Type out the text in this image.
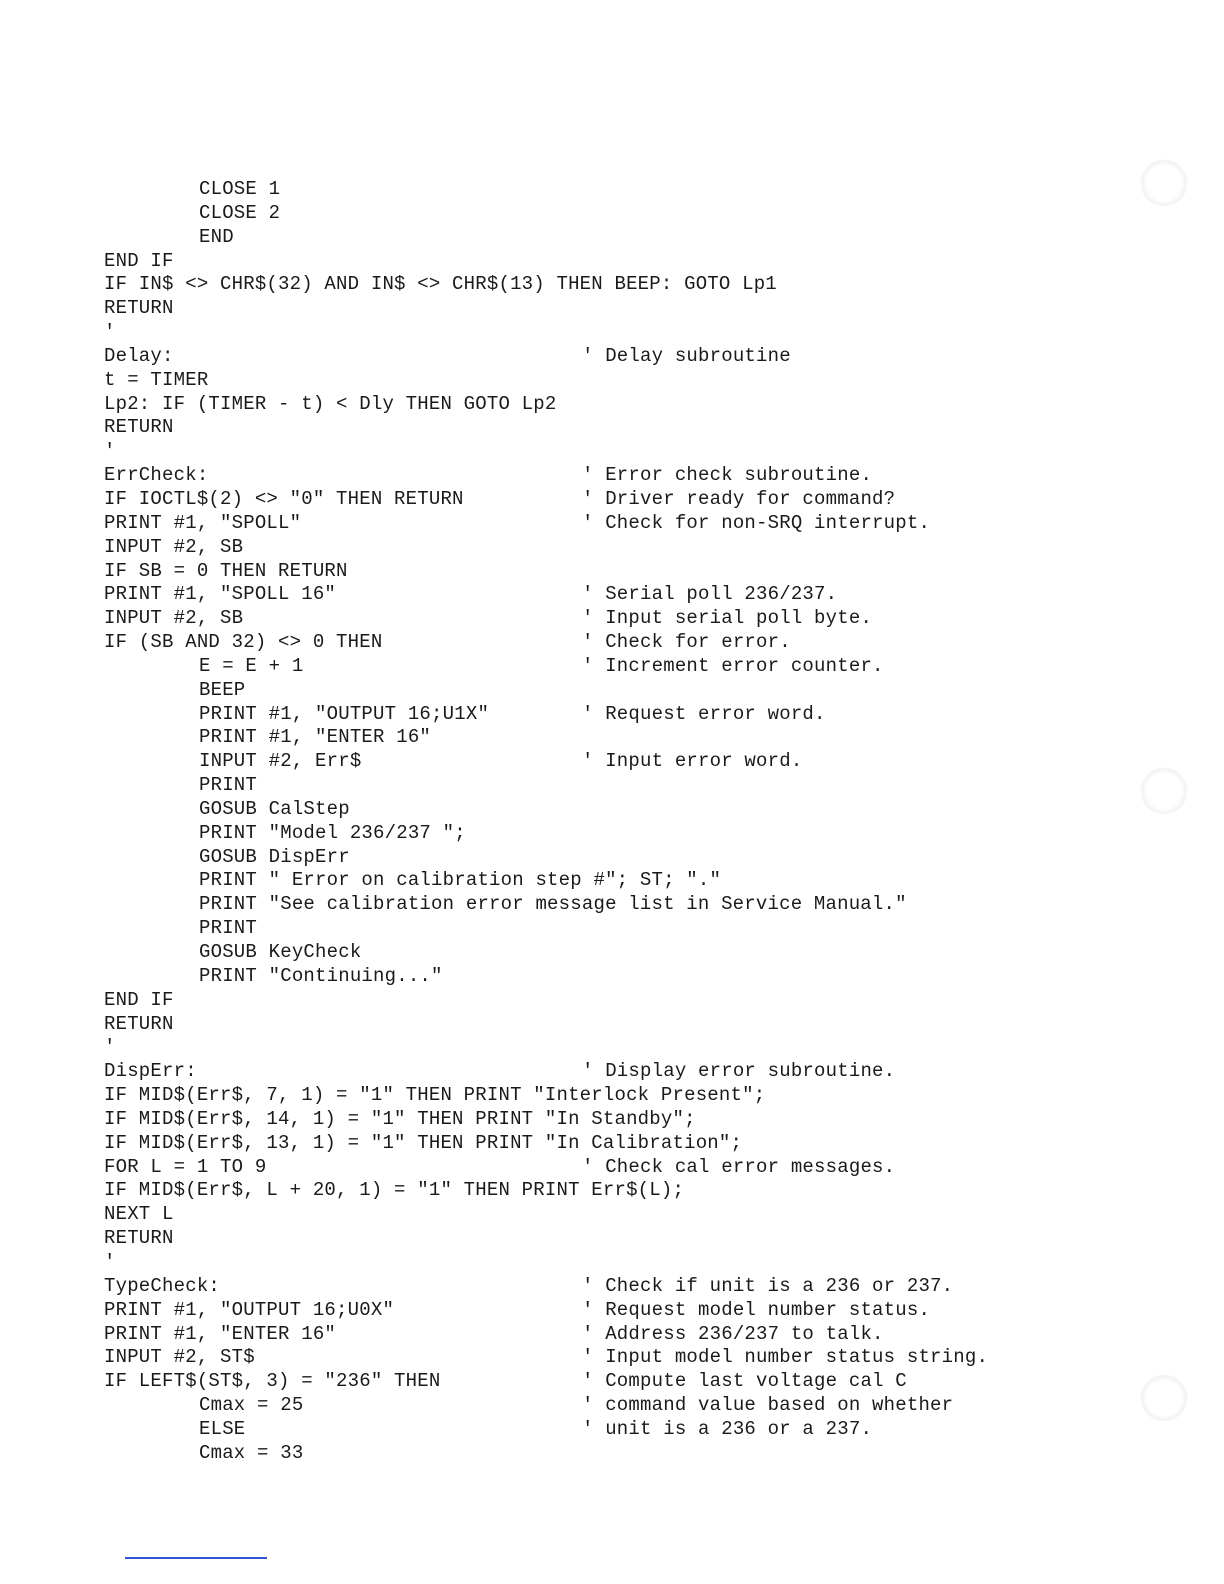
CLOSE 1
CLOSE 2
END
END IF
IF IN$ <> CHR$(32) AND IN$ <> CHR$(13) THEN BEEP: GOTO Lp1
RETURN
'
Delay:	' Delay subroutine
t = TIMER
Lp2: IF (TIMER - t) < Dly THEN GOTO Lp2
RETURN
'
ErrCheck:	' Error check subroutine.
IF IOCTL$(2) <> "0" THEN RETURN	' Driver ready for command?
PRINT #1, "SPOLL"	' Check for non-SRQ interrupt.
INPUT #2, SB
IF SB = 0 THEN RETURN
PRINT #1, "SPOLL 16"	' Serial poll 236/237.
INPUT #2, SB	' Input serial poll byte.
IF (SB AND 32) <> 0 THEN	' Check for error.
E = E + 1	' Increment error counter.
BEEP
PRINT #1, "OUTPUT 16;U1X"	' Request error word.
PRINT #1, "ENTER 16"
INPUT #2, Err$	' Input error word.
PRINT
GOSUB CalStep
PRINT "Model 236/237 ";
GOSUB DispErr
PRINT " Error on calibration step #"; ST; "."
PRINT "See calibration error message list in Service Manual."
PRINT
GOSUB KeyCheck
PRINT "Continuing..."
END IF
RETURN
'
DispErr:	' Display error subroutine.
IF MID$(Err$, 7, 1) = "1" THEN PRINT "Interlock Present";
IF MID$(Err$, 14, 1) = "1" THEN PRINT "In Standby";
IF MID$(Err$, 13, 1) = "1" THEN PRINT "In Calibration";
FOR L = 1 TO 9	' Check cal error messages.
IF MID$(Err$, L + 20, 1) = "1" THEN PRINT Err$(L);
NEXT L
RETURN
'
TypeCheck:	' Check if unit is a 236 or 237.
PRINT #1, "OUTPUT 16;U0X"	' Request model number status.
PRINT #1, "ENTER 16"	' Address 236/237 to talk.
INPUT #2, ST$	' Input model number status string.
IF LEFT$(ST$, 3) = "236" THEN	' Compute last voltage cal C
Cmax = 25	' command value based on whether
ELSE	' unit is a 236 or a 237.
Cmax = 33
